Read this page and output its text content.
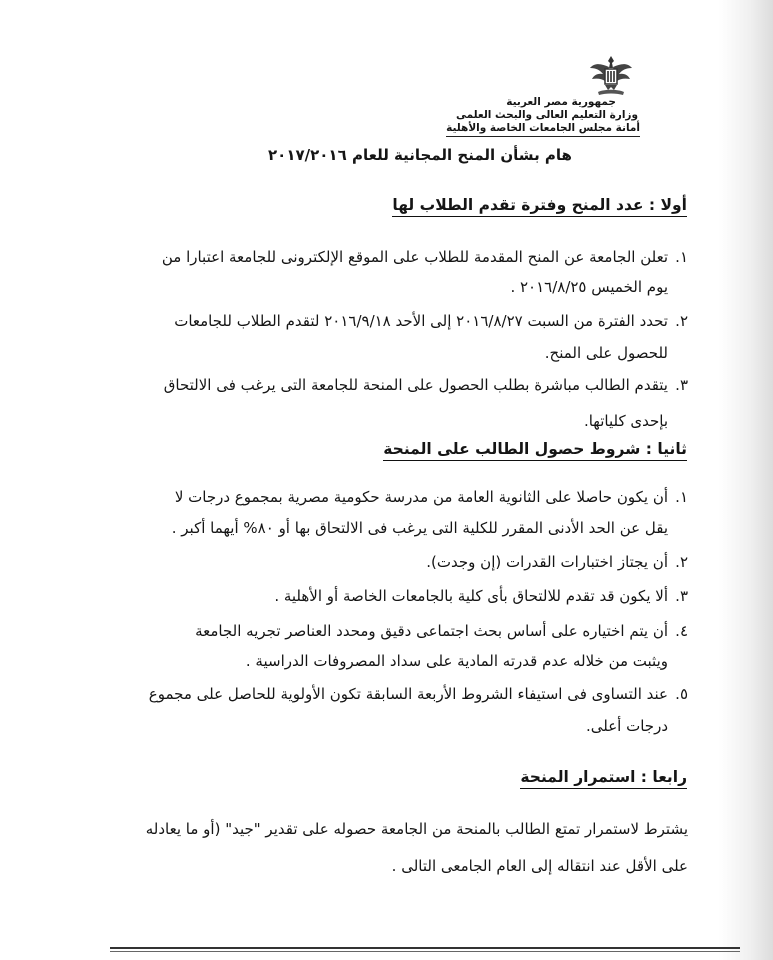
جمهورية مصر العربية
وزارة التعليم العالى والبحث العلمى
أمانة مجلس الجامعات الخاصة والأهلية
هام بشأن المنح المجانية للعام ٢٠١٧/٢٠١٦
أولا : عدد المنح وفترة تقدم الطلاب لها
١.
تعلن الجامعة عن المنح المقدمة للطلاب على الموقع الإلكترونى للجامعة اعتبارا من
يوم الخميس ٢٠١٦/٨/٢٥ .
٢.
تحدد الفترة من السبت ٢٠١٦/٨/٢٧ إلى الأحد ٢٠١٦/٩/١٨ لتقدم الطلاب للجامعات
للحصول على المنح.
٣.
يتقدم الطالب مباشرة بطلب الحصول على المنحة للجامعة التى يرغب فى الالتحاق
بإحدى كلياتها.
ثانيا : شروط حصول الطالب على المنحة
١.
أن يكون حاصلا على الثانوية العامة من مدرسة حكومية مصرية بمجموع درجات لا
يقل عن الحد الأدنى المقرر للكلية التى يرغب فى الالتحاق بها أو ٨٠% أيهما أكبر .
٢.
أن يجتاز اختبارات القدرات (إن وجدت).
٣.
ألا يكون قد تقدم للالتحاق بأى كلية بالجامعات الخاصة أو الأهلية .
٤.
أن يتم اختياره على أساس بحث اجتماعى دقيق ومحدد العناصر تجريه الجامعة
ويثبت من خلاله عدم قدرته المادية على سداد المصروفات الدراسية .
٥.
عند التساوى فى استيفاء الشروط الأربعة السابقة تكون الأولوية للحاصل على مجموع
درجات أعلى.
رابعا : استمرار المنحة
يشترط لاستمرار تمتع الطالب بالمنحة من الجامعة حصوله على تقدير "جيد" (أو ما يعادله
على الأقل عند انتقاله إلى العام الجامعى التالى .
